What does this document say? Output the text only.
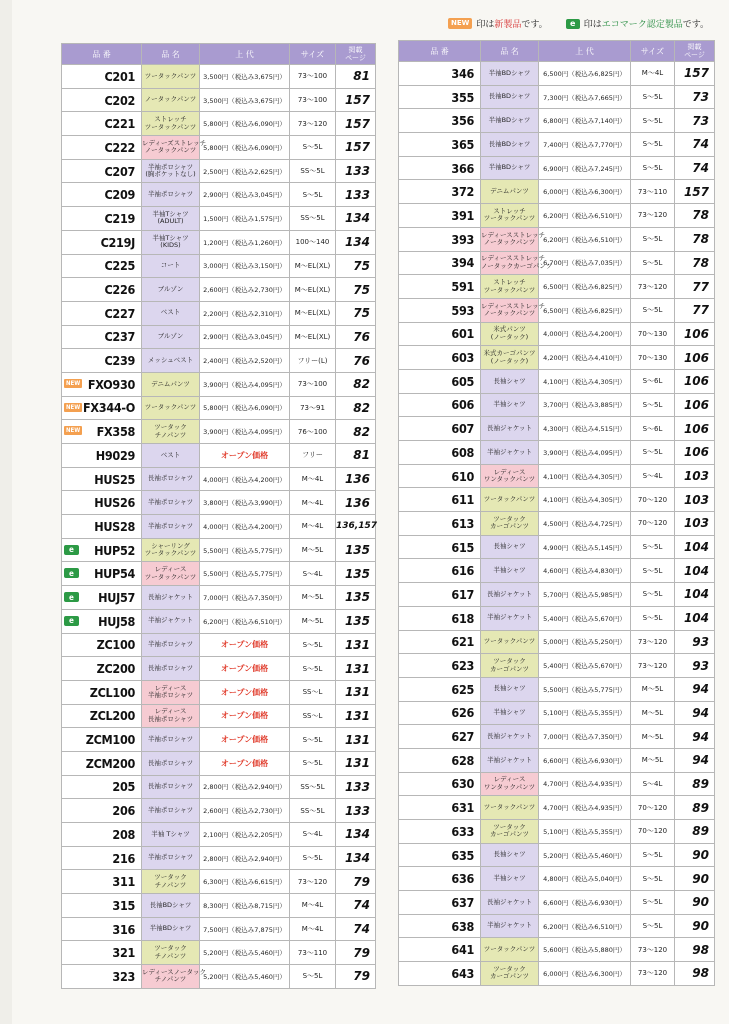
NEW 印は新製品です。	e 印はエコマーク認定製品です。
品 番	品 名	上 代	サイズ	掲載
ページ
C201	ツータックパンツ	3,500円（税込み3,675円）	73～100	81
C202	ノータックパンツ	3,500円（税込み3,675円）	73～100	157
C221	ストレッチ ツータックパンツ	5,800円（税込み6,090円）	73～120	157
C222	レディーズストレッチ ノータックパンツ	5,800円（税込み6,090円）	S～5L	157
C207	半袖ポロシャツ (胸ポケットなし)	2,500円（税込み2,625円）	SS～5L	133
C209	半袖ポロシャツ	2,900円（税込み3,045円）	S～5L	133
C219	半袖Tシャツ (ADULT)	1,500円（税込み1,575円）	SS～5L	134
C219J	半袖Tシャツ (KIDS)	1,200円（税込み1,260円）	100～140	134
C225	コート	3,000円（税込み3,150円）	M～EL(XL)	75
C226	ブルゾン	2,600円（税込み2,730円）	M～EL(XL)	75
C227	ベスト	2,200円（税込み2,310円）	M～EL(XL)	75
C237	ブルゾン	2,900円（税込み3,045円）	M～EL(XL)	76
C239	メッシュベスト	2,400円（税込み2,520円）	フリー(L)	76

NEW FXO930	デニムパンツ	3,900円（税込み4,095円）	73～100	82

NEW FX344-O	ツータックパンツ	5,800円（税込み6,090円）	73～91	82

NEW FX358	ツータック チノパンツ	3,900円（税込み4,095円）	76～100	82
H9029	ベスト	オープン価格	フリー	81
HUS25	長袖ポロシャツ	4,000円（税込み4,200円）	M～4L	136
HUS26	半袖ポロシャツ	3,800円（税込み3,990円）	M～4L	136
HUS28	半袖ポロシャツ	4,000円（税込み4,200円）	M～4L	136,157

e HUP52	シャーリング ツータックパンツ	5,500円（税込み5,775円）	M～5L	135

e HUP54	レディース ツータックパンツ	5,500円（税込み5,775円）	S～4L	135

e HUJ57	長袖ジャケット	7,000円（税込み7,350円）	M～5L	135

e HUJ58	半袖ジャケット	6,200円（税込み6,510円）	M～5L	135
ZC100	半袖ポロシャツ	オープン価格	S～5L	131
ZC200	長袖ポロシャツ	オープン価格	S～5L	131
ZCL100	レディース 半袖ポロシャツ	オープン価格	SS～L	131
ZCL200	レディース 長袖ポロシャツ	オープン価格	SS～L	131
ZCM100	半袖ポロシャツ	オープン価格	S～5L	131
ZCM200	長袖ポロシャツ	オープン価格	S～5L	131
205	長袖ポロシャツ	2,800円（税込み2,940円）	SS～5L	133
206	半袖ポロシャツ	2,600円（税込み2,730円）	SS～5L	133
208	半袖 Tシャツ	2,100円（税込み2,205円）	S～4L	134
216	半袖ポロシャツ	2,800円（税込み2,940円）	S～5L	134
311	ツータック チノパンツ	6,300円（税込み6,615円）	73～120	79
315	長袖BDシャツ	8,300円（税込み8,715円）	M～4L	74
316	半袖BDシャツ	7,500円（税込み7,875円）	M～4L	74
321	ツータック チノパンツ	5,200円（税込み5,460円）	73～110	79
323	レディースノータック チノパンツ	5,200円（税込み5,460円）	S～5L	79
品 番	品 名	上 代	サイズ	掲載
ページ
346	半袖BDシャツ	6,500円（税込み6,825円）	M～4L	157
355	長袖BDシャツ	7,300円（税込み7,665円）	S～5L	73
356	半袖BDシャツ	6,800円（税込み7,140円）	S～5L	73
365	長袖BDシャツ	7,400円（税込み7,770円）	S～5L	74
366	半袖BDシャツ	6,900円（税込み7,245円）	S～5L	74
372	デニムパンツ	6,000円（税込み6,300円）	73～110	157
391	ストレッチ ツータックパンツ	6,200円（税込み6,510円）	73～120	78
393	レディースストレッチ ノータックパンツ	6,200円（税込み6,510円）	S～5L	78
394	レディースストレッチ ノータックカーゴパンツ	6,700円（税込み7,035円）	S～5L	78
591	ストレッチ ツータックパンツ	6,500円（税込み6,825円）	73～120	77
593	レディースストレッチ ノータックパンツ	6,500円（税込み6,825円）	S～5L	77
601	米式パンツ (ノータック)	4,000円（税込み4,200円）	70～130	106
603	米式カーゴパンツ (ノータック)	4,200円（税込み4,410円）	70～130	106
605	長袖シャツ	4,100円（税込み4,305円）	S～6L	106
606	半袖シャツ	3,700円（税込み3,885円）	S～5L	106
607	長袖ジャケット	4,300円（税込み4,515円）	S～6L	106
608	半袖ジャケット	3,900円（税込み4,095円）	S～5L	106
610	レディース ワンタックパンツ	4,100円（税込み4,305円）	S～4L	103
611	ツータックパンツ	4,100円（税込み4,305円）	70～120	103
613	ツータック カーゴパンツ	4,500円（税込み4,725円）	70～120	103
615	長袖シャツ	4,900円（税込み5,145円）	S～5L	104
616	半袖シャツ	4,600円（税込み4,830円）	S～5L	104
617	長袖ジャケット	5,700円（税込み5,985円）	S～5L	104
618	半袖ジャケット	5,400円（税込み5,670円）	S～5L	104
621	ツータックパンツ	5,000円（税込み5,250円）	73～120	93
623	ツータック カーゴパンツ	5,400円（税込み5,670円）	73～120	93
625	長袖シャツ	5,500円（税込み5,775円）	M～5L	94
626	半袖シャツ	5,100円（税込み5,355円）	M～5L	94
627	長袖ジャケット	7,000円（税込み7,350円）	M～5L	94
628	半袖ジャケット	6,600円（税込み6,930円）	M～5L	94
630	レディース ワンタックパンツ	4,700円（税込み4,935円）	S～4L	89
631	ツータックパンツ	4,700円（税込み4,935円）	70～120	89
633	ツータック カーゴパンツ	5,100円（税込み5,355円）	70～120	89
635	長袖シャツ	5,200円（税込み5,460円）	S～5L	90
636	半袖シャツ	4,800円（税込み5,040円）	S～5L	90
637	長袖ジャケット	6,600円（税込み6,930円）	S～5L	90
638	半袖ジャケット	6,200円（税込み6,510円）	S～5L	90
641	ツータックパンツ	5,600円（税込み5,880円）	73～120	98
643	ツータック カーゴパンツ	6,000円（税込み6,300円）	73～120	98
